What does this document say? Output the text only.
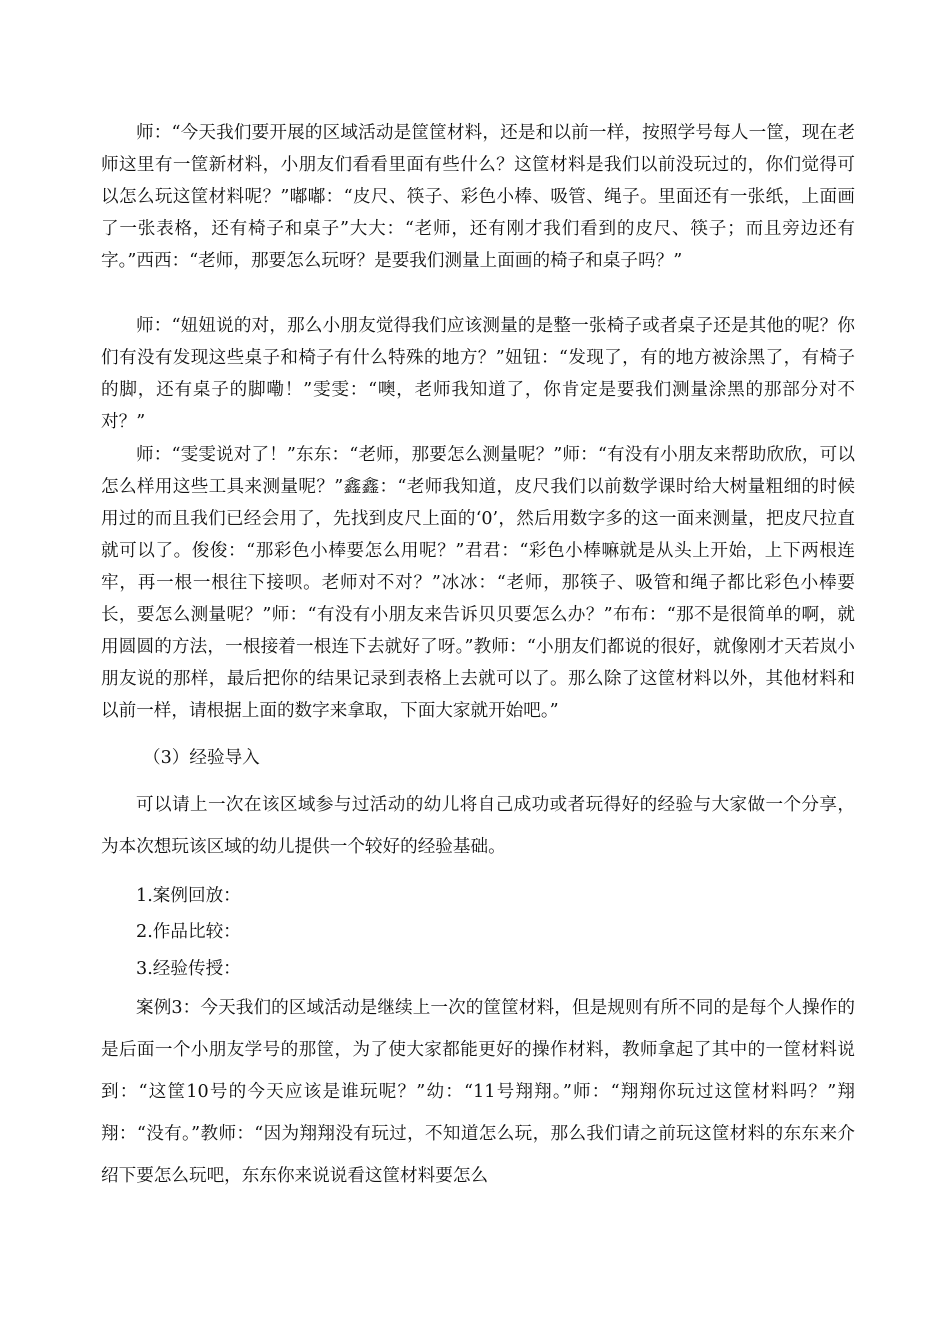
师：“今天我们要开展的区域活动是筐筐材料，还是和以前一样，按照学号每人一筐，现在老师这里有一筐新材料，小朋友们看看里面有些什么？这筐材料是我们以前没玩过的，你们觉得可以怎么玩这筐材料呢？”嘟嘟：“皮尺、筷子、彩色小棒、吸管、绳子。里面还有一张纸，上面画了一张表格，还有椅子和桌子”大大：“老师，还有刚才我们看到的皮尺、筷子；而且旁边还有字。”西西：“老师，那要怎么玩呀？是要我们测量上面画的椅子和桌子吗？”

师：“妞妞说的对，那么小朋友觉得我们应该测量的是整一张椅子或者桌子还是其他的呢？你们有没有发现这些桌子和椅子有什么特殊的地方？”妞钮：“发现了，有的地方被涂黑了，有椅子的脚，还有桌子的脚嘞！”雯雯：“噢，老师我知道了，你肯定是要我们测量涂黑的那部分对不对？”

师：“雯雯说对了！”东东：“老师，那要怎么测量呢？”师：“有没有小朋友来帮助欣欣，可以怎么样用这些工具来测量呢？”鑫鑫：“老师我知道，皮尺我们以前数学课时给大树量粗细的时候用过的而且我们已经会用了，先找到皮尺上面的‘0’，然后用数字多的这一面来测量，把皮尺拉直就可以了。俊俊：“那彩色小棒要怎么用呢？”君君：“彩色小棒嘛就是从头上开始，上下两根连牢，再一根一根往下接呗。老师对不对？”冰冰：“老师，那筷子、吸管和绳子都比彩色小棒要长，要怎么测量呢？”师：“有没有小朋友来告诉贝贝要怎么办？”布布：“那不是很简单的啊，就用圆圆的方法，一根接着一根连下去就好了呀。”教师：“小朋友们都说的很好，就像刚才天若岚小朋友说的那样，最后把你的结果记录到表格上去就可以了。那么除了这筐材料以外，其他材料和以前一样，请根据上面的数字来拿取，下面大家就开始吧。”

（3）经验导入

可以请上一次在该区域参与过活动的幼儿将自己成功或者玩得好的经验与大家做一个分享，为本次想玩该区域的幼儿提供一个较好的经验基础。

1.案例回放：

2.作品比较：

3.经验传授：

案例3：今天我们的区域活动是继续上一次的筐筐材料，但是规则有所不同的是每个人操作的是后面一个小朋友学号的那筐，为了使大家都能更好的操作材料，教师拿起了其中的一筐材料说到：“这筐10号的今天应该是谁玩呢？”幼：“11号翔翔。”师：“翔翔你玩过这筐材料吗？”翔翔：“没有。”教师：“因为翔翔没有玩过，不知道怎么玩，那么我们请之前玩这筐材料的东东来介绍下要怎么玩吧，东东你来说说看这筐材料要怎么
